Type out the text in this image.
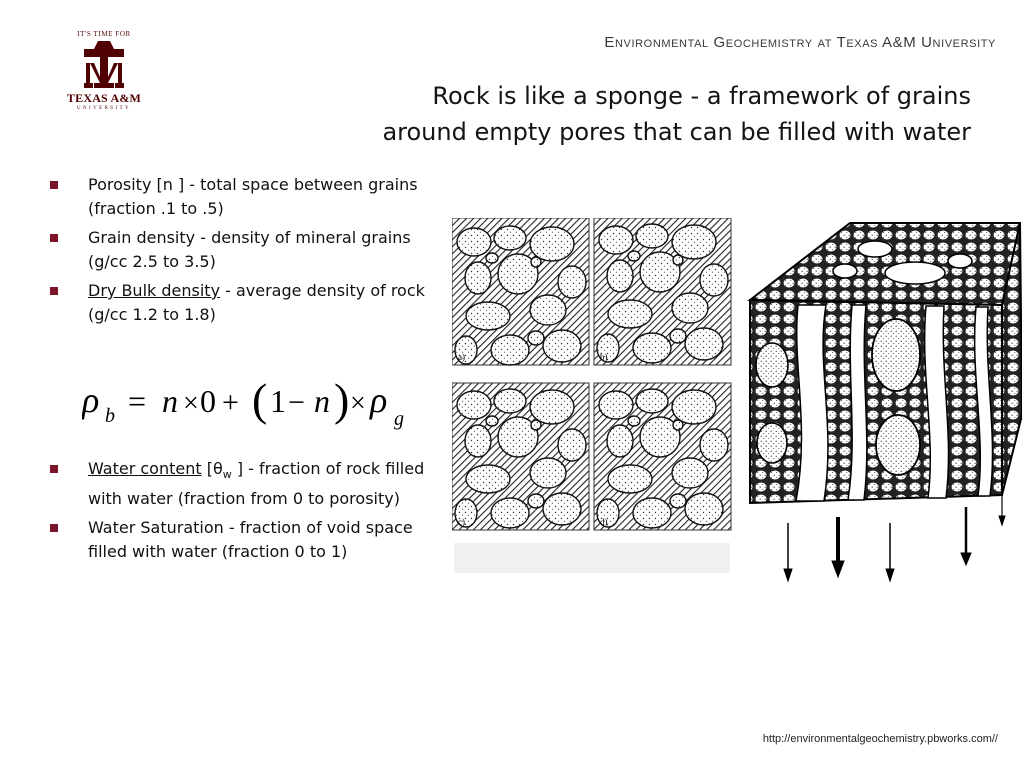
IT'S TIME FOR
TEXAS A&M
UNIVERSITY
Environmental Geochemistry at Texas A&M University
Rock is like a sponge - a framework of grains
around empty pores that can be filled with water
Porosity [n ] - total space between grains (fraction .1 to .5)
Grain density - density of mineral grains (g/cc 2.5 to 3.5)
Dry Bulk density - average density of rock (g/cc 1.2 to 1.8)
ρ b = n × 0 + ( 1 − n ) × ρ g
Water content [$\theta_w$ ] - fraction of rock filled with water (fraction from 0 to porosity)
Water Saturation - fraction of void space filled with water (fraction 0 to 1)
a)	b)
c)	d)
http://environmentalgeochemistry.pbworks.com//
